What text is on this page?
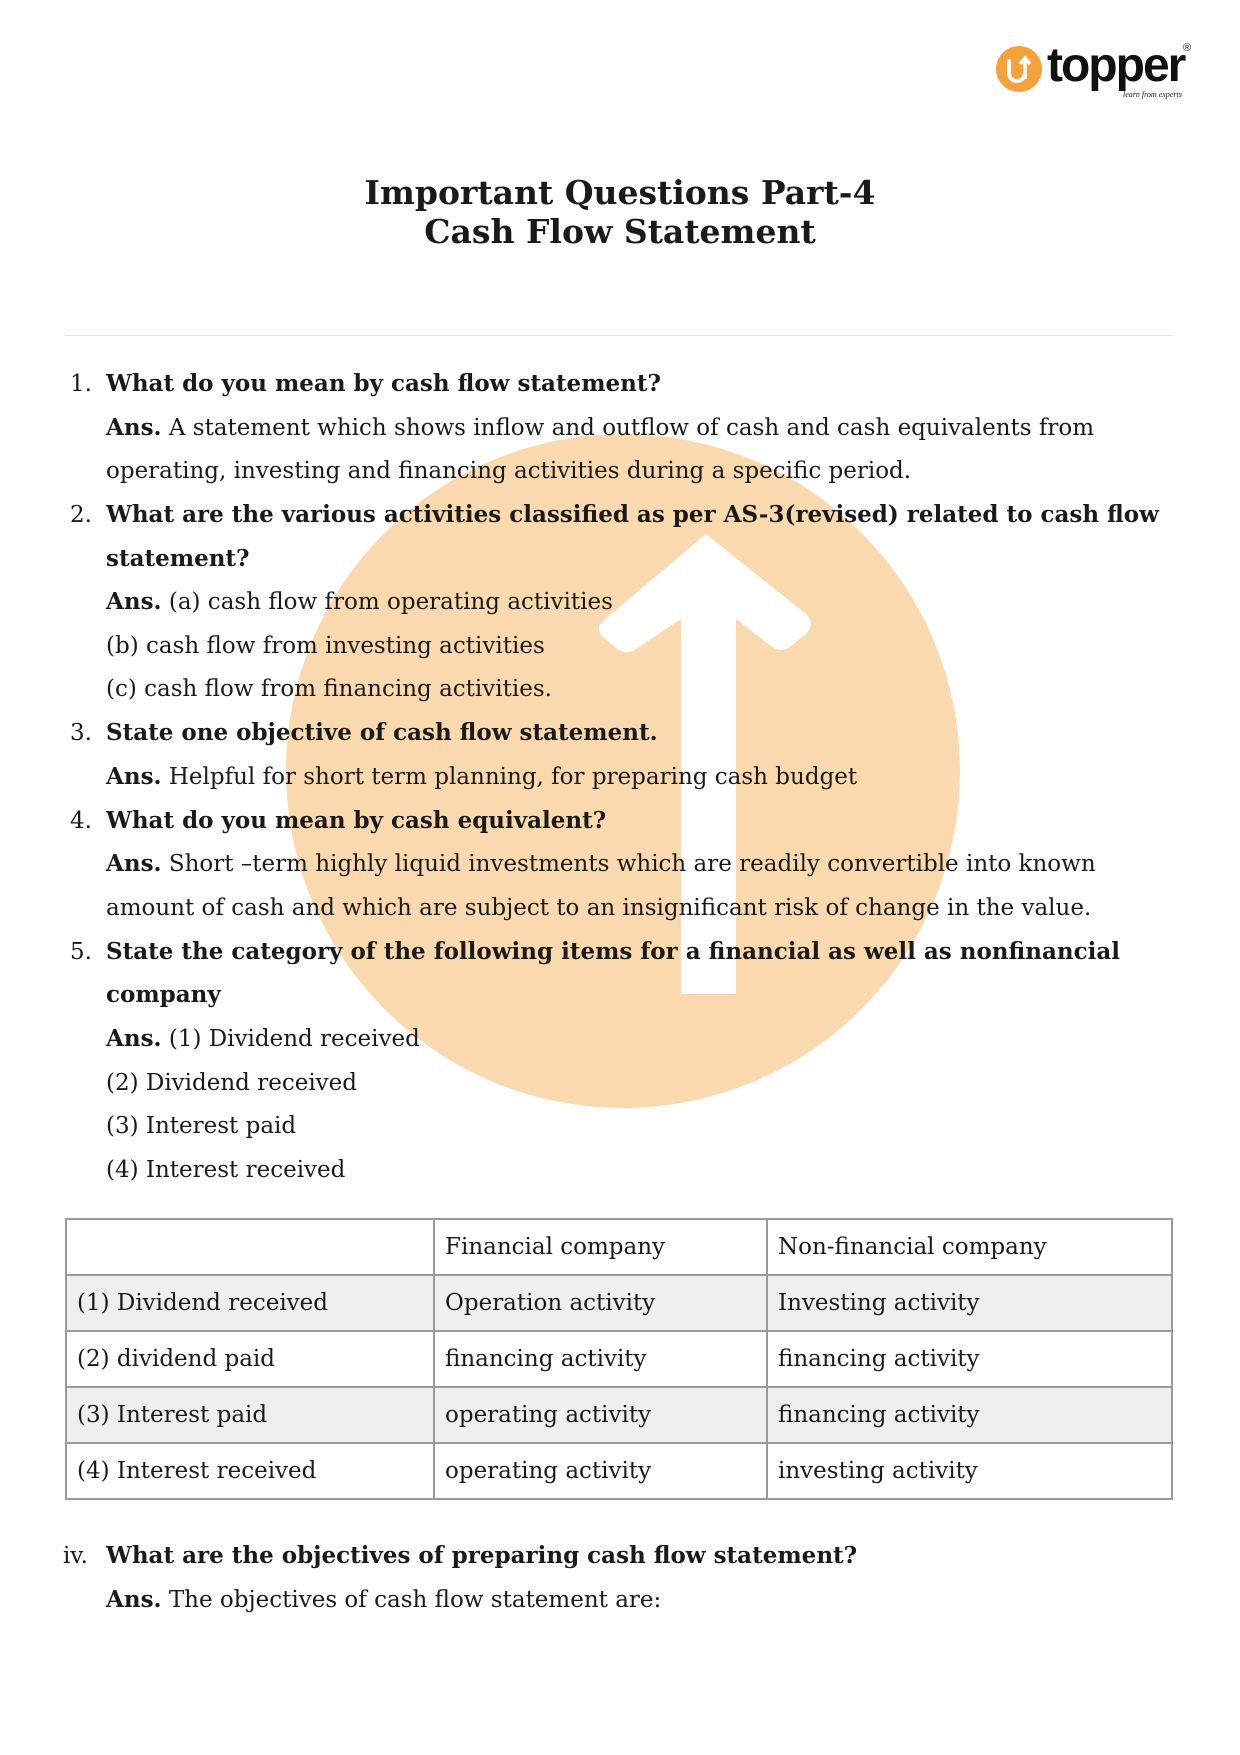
topper
®
learn from experts
Important Questions Part-4
Cash Flow Statement
1. What do you mean by cash flow statement?
Ans. A statement which shows inflow and outflow of cash and cash equivalents from
operating, investing and financing activities during a specific period.
2. What are the various activities classified as per AS-3(revised) related to cash flow
statement?
Ans. (a) cash flow from operating activities
(b) cash flow from investing activities
(c) cash flow from financing activities.
3. State one objective of cash flow statement.
Ans. Helpful for short term planning, for preparing cash budget
4. What do you mean by cash equivalent?
Ans. Short –term highly liquid investments which are readily convertible into known
amount of cash and which are subject to an insignificant risk of change in the value.
5. State the category of the following items for a financial as well as nonfinancial
company
Ans. (1) Dividend received
(2) Dividend received
(3) Interest paid
(4) Interest received
	Financial company	Non-financial company
(1) Dividend received	Operation activity	Investing activity
(2) dividend paid	financing activity	financing activity
(3) Interest paid	operating activity	financing activity
(4) Interest received	operating activity	investing activity
iv. What are the objectives of preparing cash flow statement?
Ans. The objectives of cash flow statement are:
